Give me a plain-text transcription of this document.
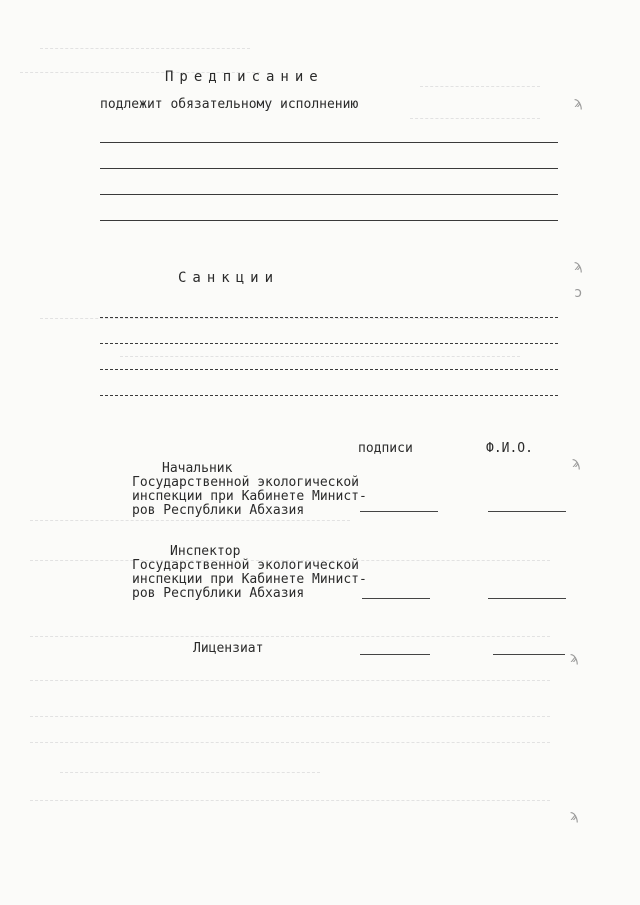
Предписание
подлежит обязательному исполнению
Санкции
подписи	Ф.И.О.
Начальник
Государственной экологической
инспекции при Кабинете Минист-
ров Республики Абхазия
Инспектор
Государственной экологической
инспекции при Кабинете Минист-
ров Республики Абхазия
Лицензиат
ϡ
ϡ
ɔ
ϡ
ϡ
ϡ
